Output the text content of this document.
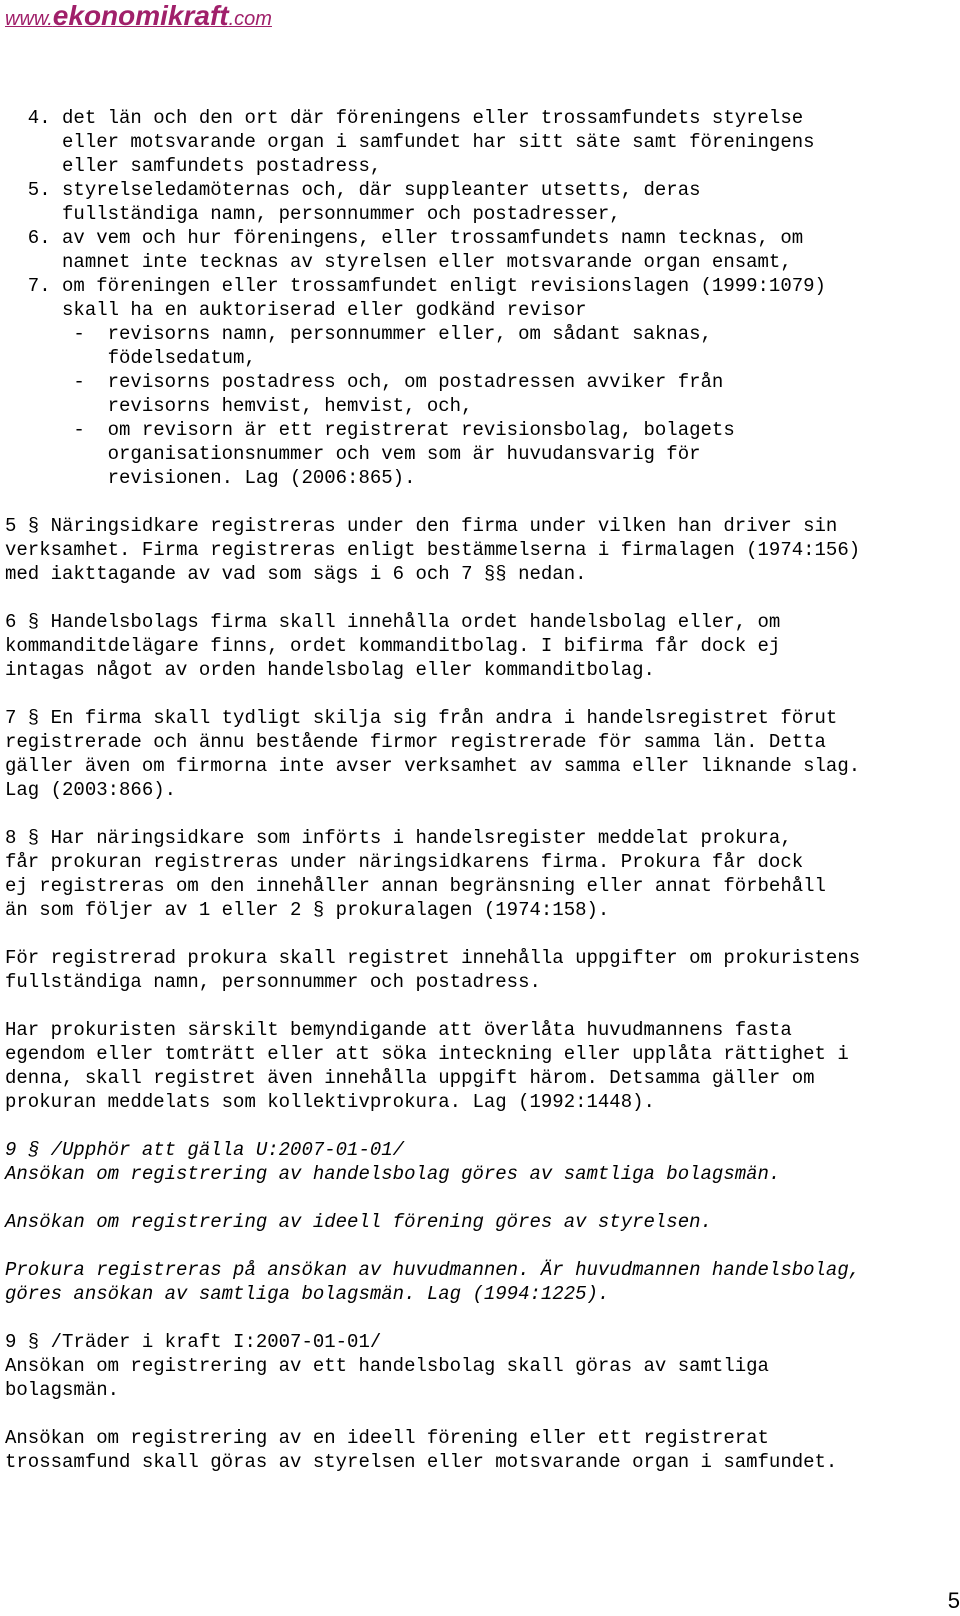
www.ekonomikraft.com
4. det län och den ort där föreningens eller trossamfundets styrelse
eller motsvarande organ i samfundet har sitt säte samt föreningens
eller samfundets postadress,
5. styrelseledamöternas och, där suppleanter utsetts, deras
fullständiga namn, personnummer och postadresser,
6. av vem och hur föreningens, eller trossamfundets namn tecknas, om
namnet inte tecknas av styrelsen eller motsvarande organ ensamt,
7. om föreningen eller trossamfundet enligt revisionslagen (1999:1079)
skall ha en auktoriserad eller godkänd revisor
-  revisorns namn, personnummer eller, om sådant saknas,
födelsedatum,
-  revisorns postadress och, om postadressen avviker från
revisorns hemvist, hemvist, och,
-  om revisorn är ett registrerat revisionsbolag, bolagets
organisationsnummer och vem som är huvudansvarig för
revisionen. Lag (2006:865).
5 § Näringsidkare registreras under den firma under vilken han driver sin
verksamhet. Firma registreras enligt bestämmelserna i firmalagen (1974:156)
med iakttagande av vad som sägs i 6 och 7 §§ nedan.
6 § Handelsbolags firma skall innehålla ordet handelsbolag eller, om
kommanditdelägare finns, ordet kommanditbolag. I bifirma får dock ej
intagas något av orden handelsbolag eller kommanditbolag.
7 § En firma skall tydligt skilja sig från andra i handelsregistret förut
registrerade och ännu bestående firmor registrerade för samma län. Detta
gäller även om firmorna inte avser verksamhet av samma eller liknande slag.
Lag (2003:866).
8 § Har näringsidkare som införts i handelsregister meddelat prokura,
får prokuran registreras under näringsidkarens firma. Prokura får dock
ej registreras om den innehåller annan begränsning eller annat förbehåll
än som följer av 1 eller 2 § prokuralagen (1974:158).
För registrerad prokura skall registret innehålla uppgifter om prokuristens
fullständiga namn, personnummer och postadress.
Har prokuristen särskilt bemyndigande att överlåta huvudmannens fasta
egendom eller tomträtt eller att söka inteckning eller upplåta rättighet i
denna, skall registret även innehålla uppgift härom. Detsamma gäller om
prokuran meddelats som kollektivprokura. Lag (1992:1448).
9 § /Upphör att gälla U:2007-01-01/
Ansökan om registrering av handelsbolag göres av samtliga bolagsmän.
Ansökan om registrering av ideell förening göres av styrelsen.
Prokura registreras på ansökan av huvudmannen. Är huvudmannen handelsbolag,
göres ansökan av samtliga bolagsmän. Lag (1994:1225).
9 § /Träder i kraft I:2007-01-01/
Ansökan om registrering av ett handelsbolag skall göras av samtliga
bolagsmän.
Ansökan om registrering av en ideell förening eller ett registrerat
trossamfund skall göras av styrelsen eller motsvarande organ i samfundet.
5
